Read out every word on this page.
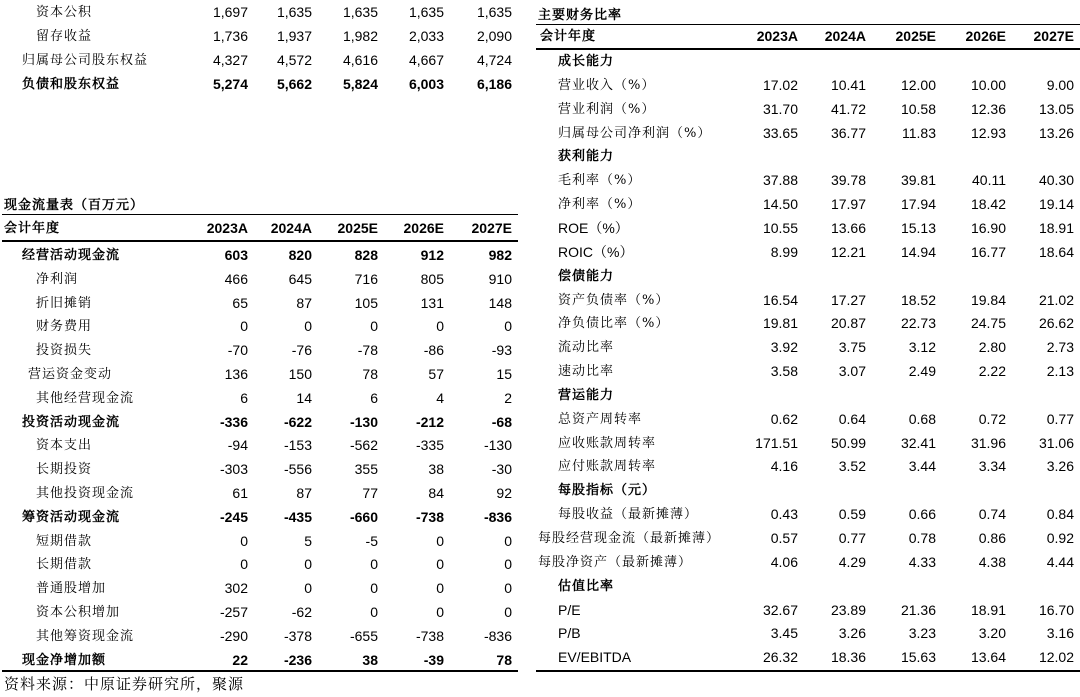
资本公积	1,697	1,635	1,635	1,635	1,635
留存收益	1,736	1,937	1,982	2,033	2,090
归属母公司股东权益	4,327	4,572	4,616	4,667	4,724
负债和股东权益	5,274	5,662	5,824	6,003	6,186
现金流量表（百万元）
会计年度	2023A	2024A	2025E	2026E	2027E
经营活动现金流	603	820	828	912	982
净利润	466	645	716	805	910
折旧摊销	65	87	105	131	148
财务费用	0	0	0	0	0
投资损失	-70	-76	-78	-86	-93
营运资金变动	136	150	78	57	15
其他经营现金流	6	14	6	4	2
投资活动现金流	-336	-622	-130	-212	-68
资本支出	-94	-153	-562	-335	-130
长期投资	-303	-556	355	38	-30
其他投资现金流	61	87	77	84	92
筹资活动现金流	-245	-435	-660	-738	-836
短期借款	0	5	-5	0	0
长期借款	0	0	0	0	0
普通股增加	302	0	0	0	0
资本公积增加	-257	-62	0	0	0
其他筹资现金流	-290	-378	-655	-738	-836
现金净增加额	22	-236	38	-39	78
主要财务比率
会计年度	2023A	2024A	2025E	2026E	2027E
成长能力
营业收入（%）	17.02	10.41	12.00	10.00	9.00
营业利润（%）	31.70	41.72	10.58	12.36	13.05
归属母公司净利润（%）	33.65	36.77	11.83	12.93	13.26
获利能力
毛利率（%）	37.88	39.78	39.81	40.11	40.30
净利率（%）	14.50	17.97	17.94	18.42	19.14
ROE（%）	10.55	13.66	15.13	16.90	18.91
ROIC（%）	8.99	12.21	14.94	16.77	18.64
偿债能力
资产负债率（%）	16.54	17.27	18.52	19.84	21.02
净负债比率（%）	19.81	20.87	22.73	24.75	26.62
流动比率	3.92	3.75	3.12	2.80	2.73
速动比率	3.58	3.07	2.49	2.22	2.13
营运能力
总资产周转率	0.62	0.64	0.68	0.72	0.77
应收账款周转率	171.51	50.99	32.41	31.96	31.06
应付账款周转率	4.16	3.52	3.44	3.34	3.26
每股指标（元）
每股收益（最新摊薄）	0.43	0.59	0.66	0.74	0.84
每股经营现金流（最新摊薄）	0.57	0.77	0.78	0.86	0.92
每股净资产（最新摊薄）	4.06	4.29	4.33	4.38	4.44
估值比率
P/E	32.67	23.89	21.36	18.91	16.70
P/B	3.45	3.26	3.23	3.20	3.16
EV/EBITDA	26.32	18.36	15.63	13.64	12.02
资料来源：中原证券研究所，聚源
